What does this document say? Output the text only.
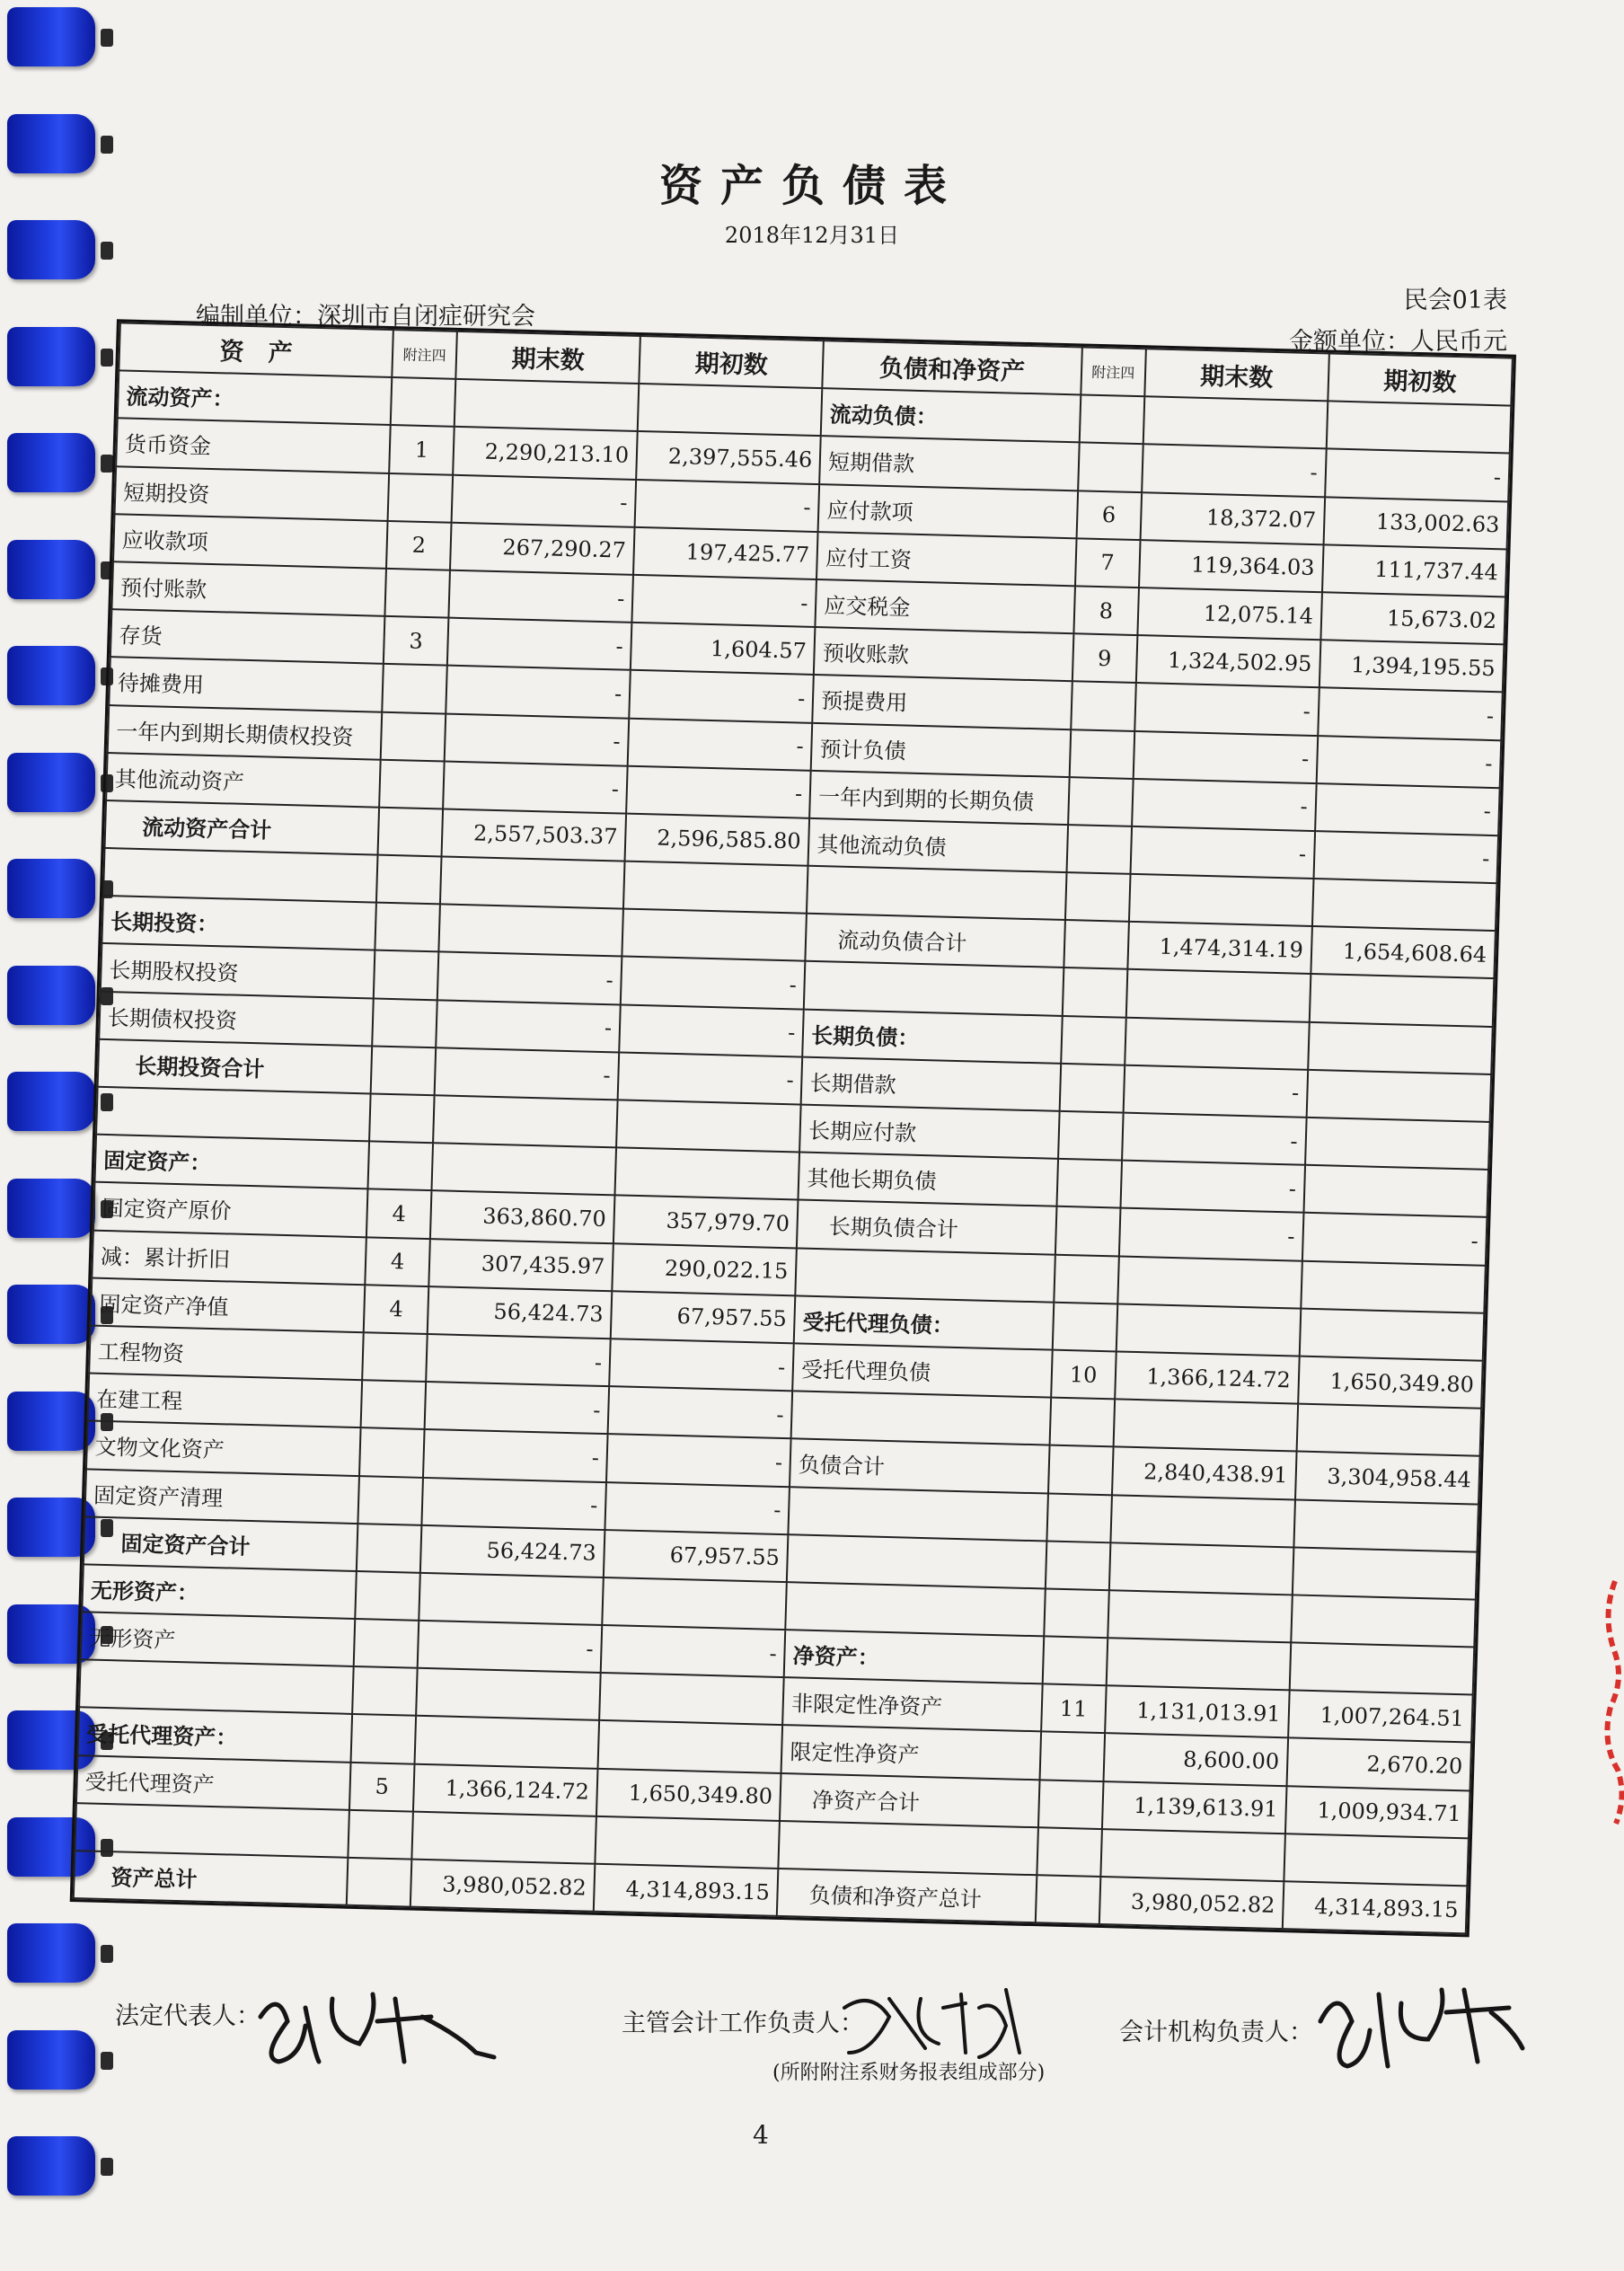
资产负债表
2018年12月31日
编制单位：深圳市自闭症研究会
民会01表
金额单位：人民币元
资　产	附注四	期末数	期初数	负债和净资产	附注四	期末数	期初数
流动资产：				流动负债：			
货币资金	1	2,290,213.10	2,397,555.46	短期借款		-	-
短期投资		-	-	应付款项	6	18,372.07	133,002.63
应收款项	2	267,290.27	197,425.77	应付工资	7	119,364.03	111,737.44
预付账款		-	-	应交税金	8	12,075.14	15,673.02
存货	3	-	1,604.57	预收账款	9	1,324,502.95	1,394,195.55
待摊费用		-	-	预提费用		-	-
一年内到期长期债权投资		-	-	预计负债		-	-
其他流动资产		-	-	一年内到期的长期负债		-	-
流动资产合计		2,557,503.37	2,596,585.80	其他流动负债		-	-

长期投资：				流动负债合计		1,474,314.19	1,654,608.64
长期股权投资		-	-				
长期债权投资		-	-	长期负债：			
长期投资合计		-	-	长期借款		-	
				长期应付款		-	
固定资产：				其他长期负债		-	
固定资产原价	4	363,860.70	357,979.70	长期负债合计		-	-
减：累计折旧	4	307,435.97	290,022.15				
固定资产净值	4	56,424.73	67,957.55	受托代理负债：			
工程物资		-	-	受托代理负债	10	1,366,124.72	1,650,349.80
在建工程		-	-				
文物文化资产		-	-	负债合计		2,840,438.91	3,304,958.44
固定资产清理		-	-				
固定资产合计		56,424.73	67,957.55				
无形资产：							
无形资产		-	-	净资产：			
				非限定性净资产	11	1,131,013.91	1,007,264.51
受托代理资产：				限定性净资产		8,600.00	2,670.20
受托代理资产	5	1,366,124.72	1,650,349.80	净资产合计		1,139,613.91	1,009,934.71

资产总计		3,980,052.82	4,314,893.15	负债和净资产总计		3,980,052.82	4,314,893.15
法定代表人：	主管会计工作负责人：	会计机构负责人：
(所附附注系财务报表组成部分)
4
